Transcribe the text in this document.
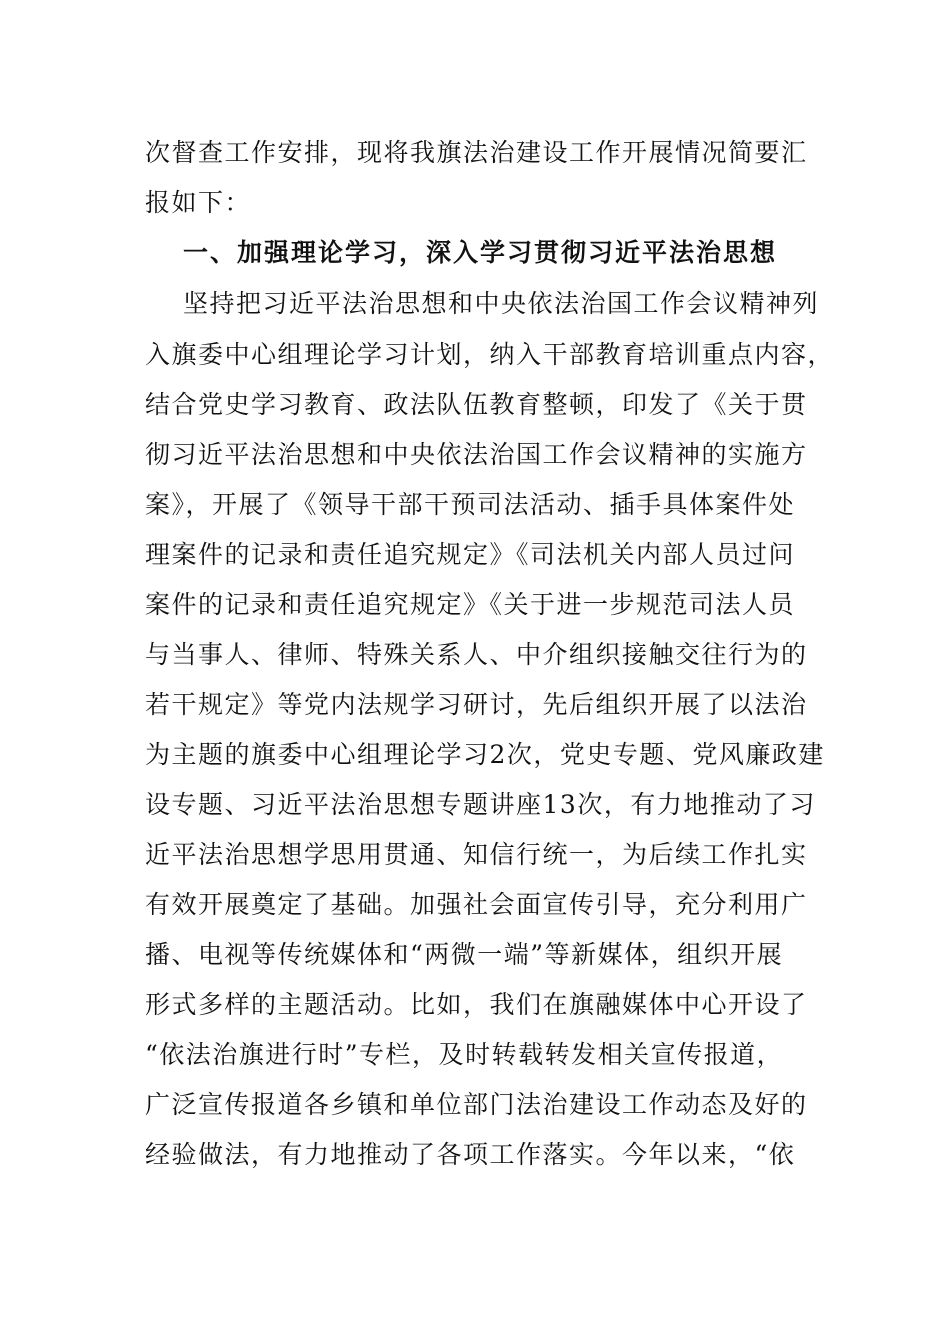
次督查工作安排，现将我旗法治建设工作开展情况简要汇
报如下：
一、加强理论学习，深入学习贯彻习近平法治思想
坚持把习近平法治思想和中央依法治国工作会议精神列
入旗委中心组理论学习计划，纳入干部教育培训重点内容，
结合党史学习教育、政法队伍教育整顿，印发了《关于贯
彻习近平法治思想和中央依法治国工作会议精神的实施方
案》，开展了《领导干部干预司法活动、插手具体案件处
理案件的记录和责任追究规定》《司法机关内部人员过问
案件的记录和责任追究规定》《关于进一步规范司法人员
与当事人、律师、特殊关系人、中介组织接触交往行为的
若干规定》等党内法规学习研讨，先后组织开展了以法治
为主题的旗委中心组理论学习2次，党史专题、党风廉政建
设专题、习近平法治思想专题讲座13次，有力地推动了习
近平法治思想学思用贯通、知信行统一，为后续工作扎实
有效开展奠定了基础。加强社会面宣传引导，充分利用广
播、电视等传统媒体和“两微一端”等新媒体，组织开展
形式多样的主题活动。比如，我们在旗融媒体中心开设了
“依法治旗进行时”专栏，及时转载转发相关宣传报道，
广泛宣传报道各乡镇和单位部门法治建设工作动态及好的
经验做法，有力地推动了各项工作落实。今年以来，“依
